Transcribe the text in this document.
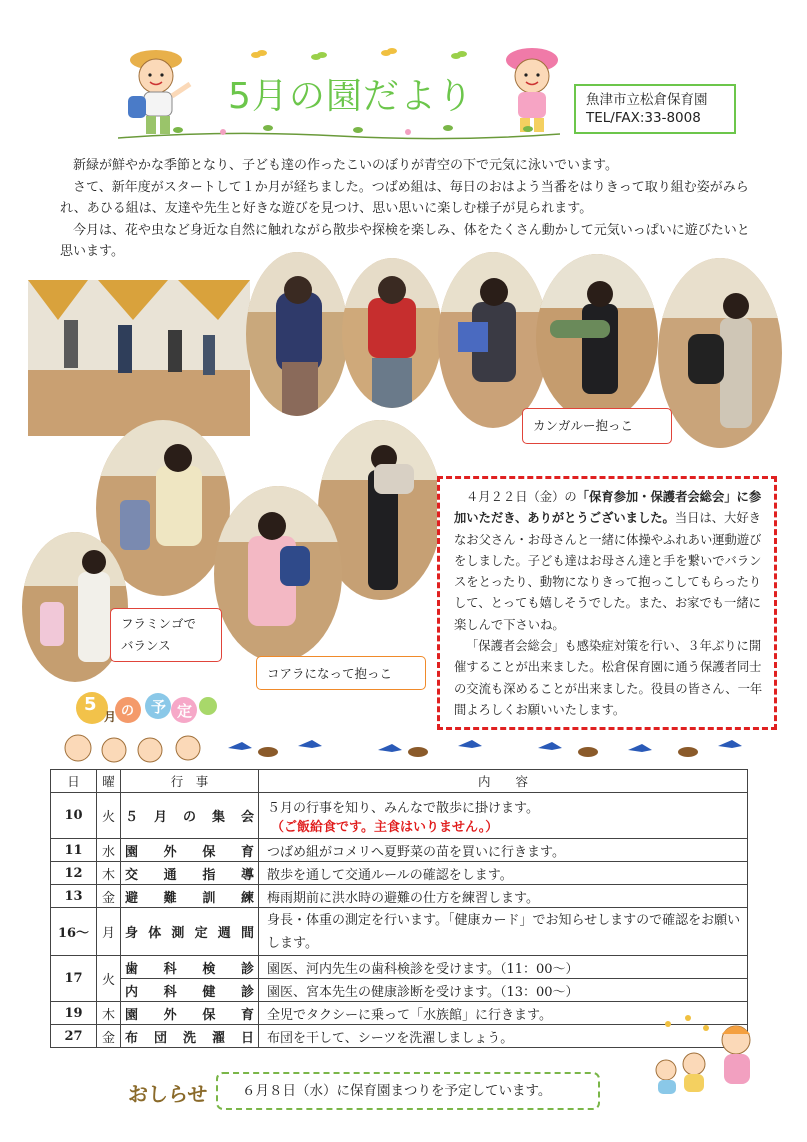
5月の園だより	魚津市立松倉保育園
TEL/FAX:33-8008

新緑が鮮やかな季節となり、子ども達の作ったこいのぼりが青空の下で元気に泳いでいます。

さて、新年度がスタートして１か月が経ちました。つばめ組は、毎日のおはよう当番をはりきって取り組む姿がみられ、あひる組は、友達や先生と好きな遊びを見つけ、思い思いに楽しむ様子が見られます。

今月は、花や虫など身近な自然に触れながら散歩や探検を楽しみ、体をたくさん動かして元気いっぱいに遊びたいと思います。

カンガルー抱っこ
フラミンゴで
バランス
コアラになって抱っこ

４月２２日（金）の「保育参加・保護者会総会」に参加いただき、ありがとうございました。当日は、大好きなお父さん・お母さんと一緒に体操やふれあい運動遊びをしました。子ども達はお母さん達と手を繋いでバランスをとったり、動物になりきって抱っこしてもらったりして、とっても嬉しそうでした。また、お家でも一緒に楽しんで下さいね。

「保護者会総会」も感染症対策を行い、３年ぶりに開催することが出来ました。松倉保育園に通う保護者同士の交流も深めることが出来ました。役員の皆さん、一年間よろしくお願いいたします。

5
月 の 予 定
日	曜	行　事	内　　容
10	火	５月の集会	５月の行事を知り、みんなで散歩に掛けます。
（ご飯給食です。主食はいりません。）

11	水	園外保育	つばめ組がコメリへ夏野菜の苗を買いに行きます。
12	木	交通指導	散歩を通して交通ルールの確認をします。
13	金	避難訓練	梅雨期前に洪水時の避難の仕方を練習します。
16～	月	身体測定週間	身長・体重の測定を行います。「健康カード」でお知らせしますので確認をお願いします。
17	火	歯科検診	園医、河内先生の歯科検診を受けます。（11：00～）
		内科健診	園医、宮本先生の健康診断を受けます。（13：00～）
19	木	園外保育	全児でタクシーに乗って「水族館」に行きます。
27	金	布団洗濯日	布団を干して、シーツを洗濯しましょう。
おしらせ	６月８日（水）に保育園まつりを予定しています。
